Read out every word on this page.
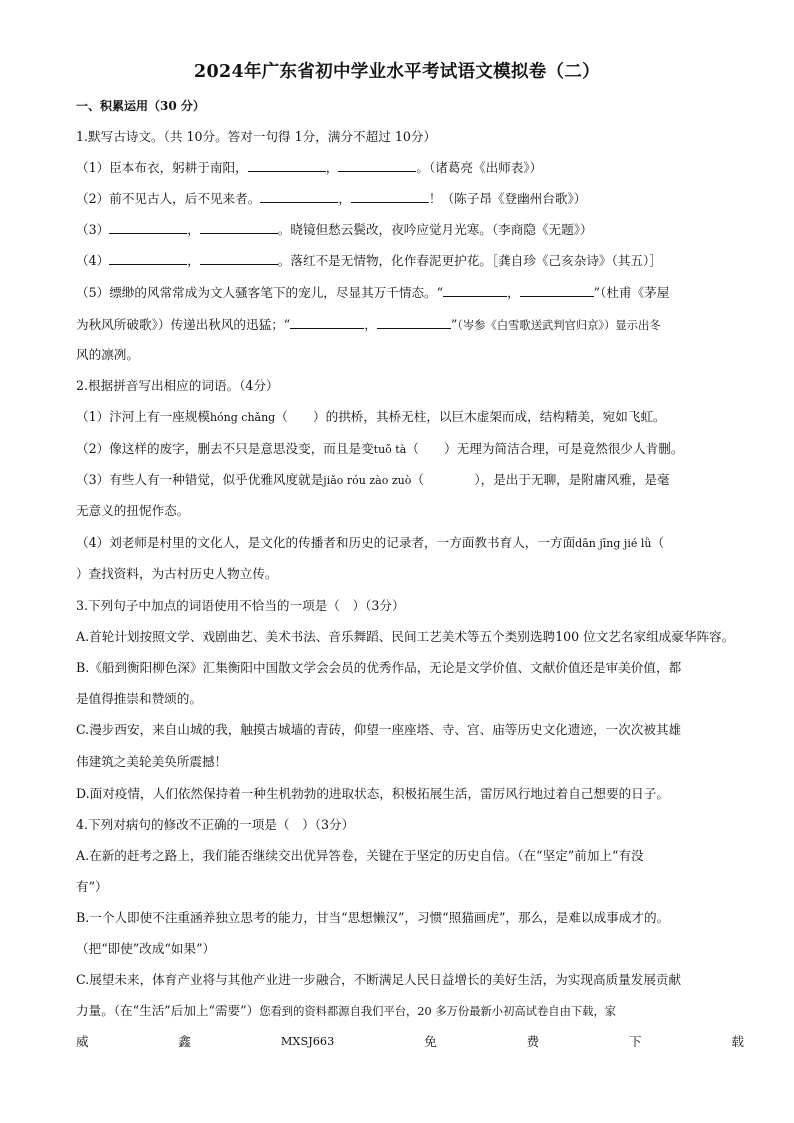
2024年广东省初中学业水平考试语文模拟卷（二）
一、积累运用（30 分）
1.默写古诗文。（共 10分。答对一句得 1分，满分不超过 10分）
（1）臣本布衣，躬耕于南阳，	，	。（诸葛亮《出师表》）
（2）前不见古人，后不见来者。	，	！（陈子昂《登幽州台歌》）
（3）	，	。晓镜但愁云鬓改，夜吟应觉月光寒。（李商隐《无题》）
（4）	，	。落红不是无情物，化作春泥更护花。［龚自珍《己亥杂诗》（其五）］
（5）缥缈的风常常成为文人骚客笔下的宠儿，尽显其万千情态。“	，	”（杜甫《茅屋
为秋风所破歌》）传递出秋风的迅猛；“	，	”（岑参《白雪歌送武判官归京》）显示出冬
风的凛冽。
2.根据拼音写出相应的词语。（4分）
（1）汴河上有一座规模hóng chǎng（　　）的拱桥，其桥无柱，以巨木虚架而成，结构精美，宛如飞虹。
（2）像这样的废字，删去不只是意思没变，而且是变tuǒ tà（　　）无理为简洁合理，可是竟然很少人肯删。
（3）有些人有一种错觉，似乎优雅风度就是jiǎo róu zào zuò（　　　　），是出于无聊，是附庸风雅，是毫
无意义的扭怩作态。
（4）刘老师是村里的文化人，是文化的传播者和历史的记录者，一方面教书育人，一方面dān jīng jié lǜ（
）查找资料，为古村历史人物立传。
3.下列句子中加点的词语使用不恰当的一项是（　）（3分）
A.首轮计划按照文学、戏剧曲艺、美术书法、音乐舞蹈、民间工艺美术等五个类别选聘100 位文艺名家组成豪华阵容。
B.《船到衡阳柳色深》汇集衡阳中国散文学会会员的优秀作品，无论是文学价值、文献价值还是审美价值，都
是值得推崇和赞颂的。
C.漫步西安，来自山城的我，触摸古城墙的青砖，仰望一座座塔、寺、宫、庙等历史文化遗迹，一次次被其雄
伟建筑之美轮美奂所震撼！
D.面对疫情，人们依然保持着一种生机勃勃的进取状态，积极拓展生活，雷厉风行地过着自己想要的日子。
4.下列对病句的修改不正确的一项是（　）（3分）
A.在新的赶考之路上，我们能否继续交出优异答卷，关键在于坚定的历史自信。（在“坚定”前加上“有没
有”）
B.一个人即使不注重涵养独立思考的能力，甘当“思想懒汉”，习惯“照猫画虎”，那么，是难以成事成才的。
（把“即使”改成“如果”）
C.展望未来，体育产业将与其他产业进一步融合，不断满足人民日益增长的美好生活，为实现高质量发展贡献
力量。（在“生活”后加上“需要”）您看到的资料都源自我们平台，20 多万份最新小初高试卷自由下载，家
威	鑫	MXSJ663	免	费	下	载
